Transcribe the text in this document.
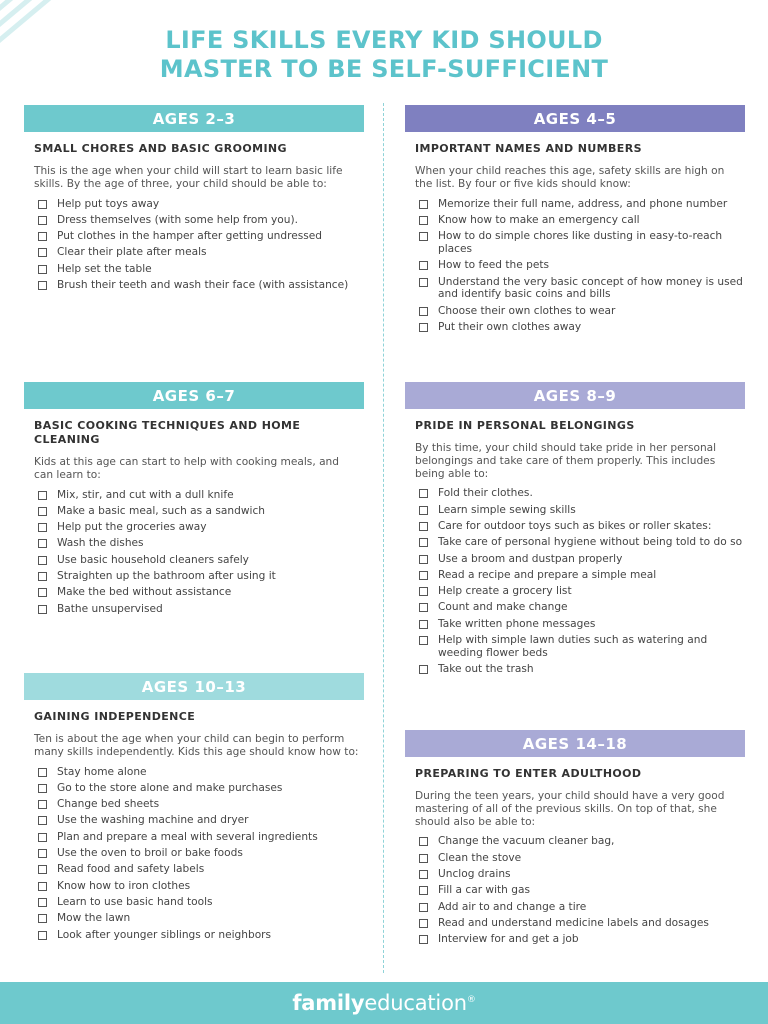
LIFE SKILLS EVERY KID SHOULD
MASTER TO BE SELF-SUFFICIENT
AGES 2–3
SMALL CHORES AND BASIC GROOMING
This is the age when your child will start to learn basic life skills. By the age of three, your child should be able to:
Help put toys away
Dress themselves (with some help from you).
Put clothes in the hamper after getting undressed
Clear their plate after meals
Help set the table
Brush their teeth and wash their face (with assistance)
AGES 4–5
IMPORTANT NAMES AND NUMBERS
When your child reaches this age, safety skills are high on the list. By four or five kids should know:
Memorize their full name, address, and phone number
Know how to make an emergency call
How to do simple chores like dusting in easy-to-reach places
How to feed the pets
Understand the very basic concept of how money is used and identify basic coins and bills
Choose their own clothes to wear
Put their own clothes away
AGES 6–7
BASIC COOKING TECHNIQUES AND HOME CLEANING
Kids at this age can start to help with cooking meals, and can learn to:
Mix, stir, and cut with a dull knife
Make a basic meal, such as a sandwich
Help put the groceries away
Wash the dishes
Use basic household cleaners safely
Straighten up the bathroom after using it
Make the bed without assistance
Bathe unsupervised
AGES 8–9
PRIDE IN PERSONAL BELONGINGS
By this time, your child should take pride in her personal belongings and take care of them properly. This includes being able to:
Fold their clothes.
Learn simple sewing skills
Care for outdoor toys such as bikes or roller skates:
Take care of personal hygiene without being told to do so
Use a broom and dustpan properly
Read a recipe and prepare a simple meal
Help create a grocery list
Count and make change
Take written phone messages
Help with simple lawn duties such as watering and weeding flower beds
Take out the trash
AGES 10–13
GAINING INDEPENDENCE
Ten is about the age when your child can begin to perform many skills independently. Kids this age should know how to:
Stay home alone
Go to the store alone and make purchases
Change bed sheets
Use the washing machine and dryer
Plan and prepare a meal with several ingredients
Use the oven to broil or bake foods
Read food and safety labels
Know how to iron clothes
Learn to use basic hand tools
Mow the lawn
Look after younger siblings or neighbors
AGES 14–18
PREPARING TO ENTER ADULTHOOD
During the teen years, your child should have a very good mastering of all of the previous skills. On top of that, she should also be able to:
Change the vacuum cleaner bag,
Clean the stove
Unclog drains
Fill a car with gas
Add air to and change a tire
Read and understand medicine labels and dosages
Interview for and get a job
familyeducation®
